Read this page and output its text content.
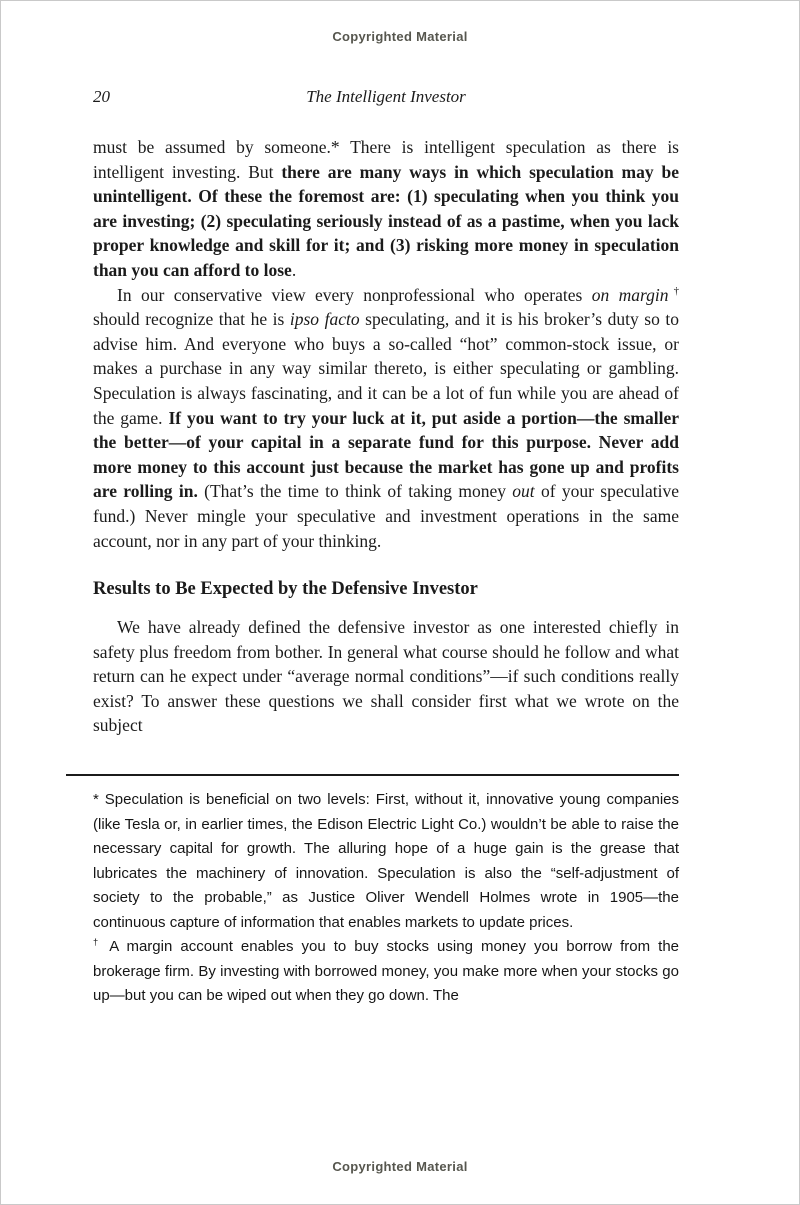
Copyrighted Material
20	The Intelligent Investor

must be assumed by someone.* There is intelligent speculation as there is intelligent investing. But there are many ways in which speculation may be unintelligent. Of these the foremost are: (1) speculating when you think you are investing; (2) speculating seriously instead of as a pastime, when you lack proper knowledge and skill for it; and (3) risking more money in speculation than you can afford to lose.

In our conservative view every nonprofessional who operates on margin† should recognize that he is ipso facto speculating, and it is his broker’s duty so to advise him. And everyone who buys a so-called “hot” common-stock issue, or makes a purchase in any way similar thereto, is either speculating or gambling. Speculation is always fascinating, and it can be a lot of fun while you are ahead of the game. If you want to try your luck at it, put aside a portion—the smaller the better—of your capital in a separate fund for this purpose. Never add more money to this account just because the market has gone up and profits are rolling in. (That’s the time to think of taking money out of your speculative fund.) Never mingle your speculative and investment operations in the same account, nor in any part of your thinking.

Results to Be Expected by the Defensive Investor

We have already defined the defensive investor as one interested chiefly in safety plus freedom from bother. In general what course should he follow and what return can he expect under “average normal conditions”—if such conditions really exist? To answer these questions we shall consider first what we wrote on the subject

* Speculation is beneficial on two levels: First, without it, innovative young companies (like Tesla or, in earlier times, the Edison Electric Light Co.) wouldn’t be able to raise the necessary capital for growth. The alluring hope of a huge gain is the grease that lubricates the machinery of innovation. Speculation is also the “self-adjustment of society to the probable,” as Justice Oliver Wendell Holmes wrote in 1905—the continuous capture of information that enables markets to update prices.

† A margin account enables you to buy stocks using money you borrow from the brokerage firm. By investing with borrowed money, you make more when your stocks go up—but you can be wiped out when they go down. The

Copyrighted Material
